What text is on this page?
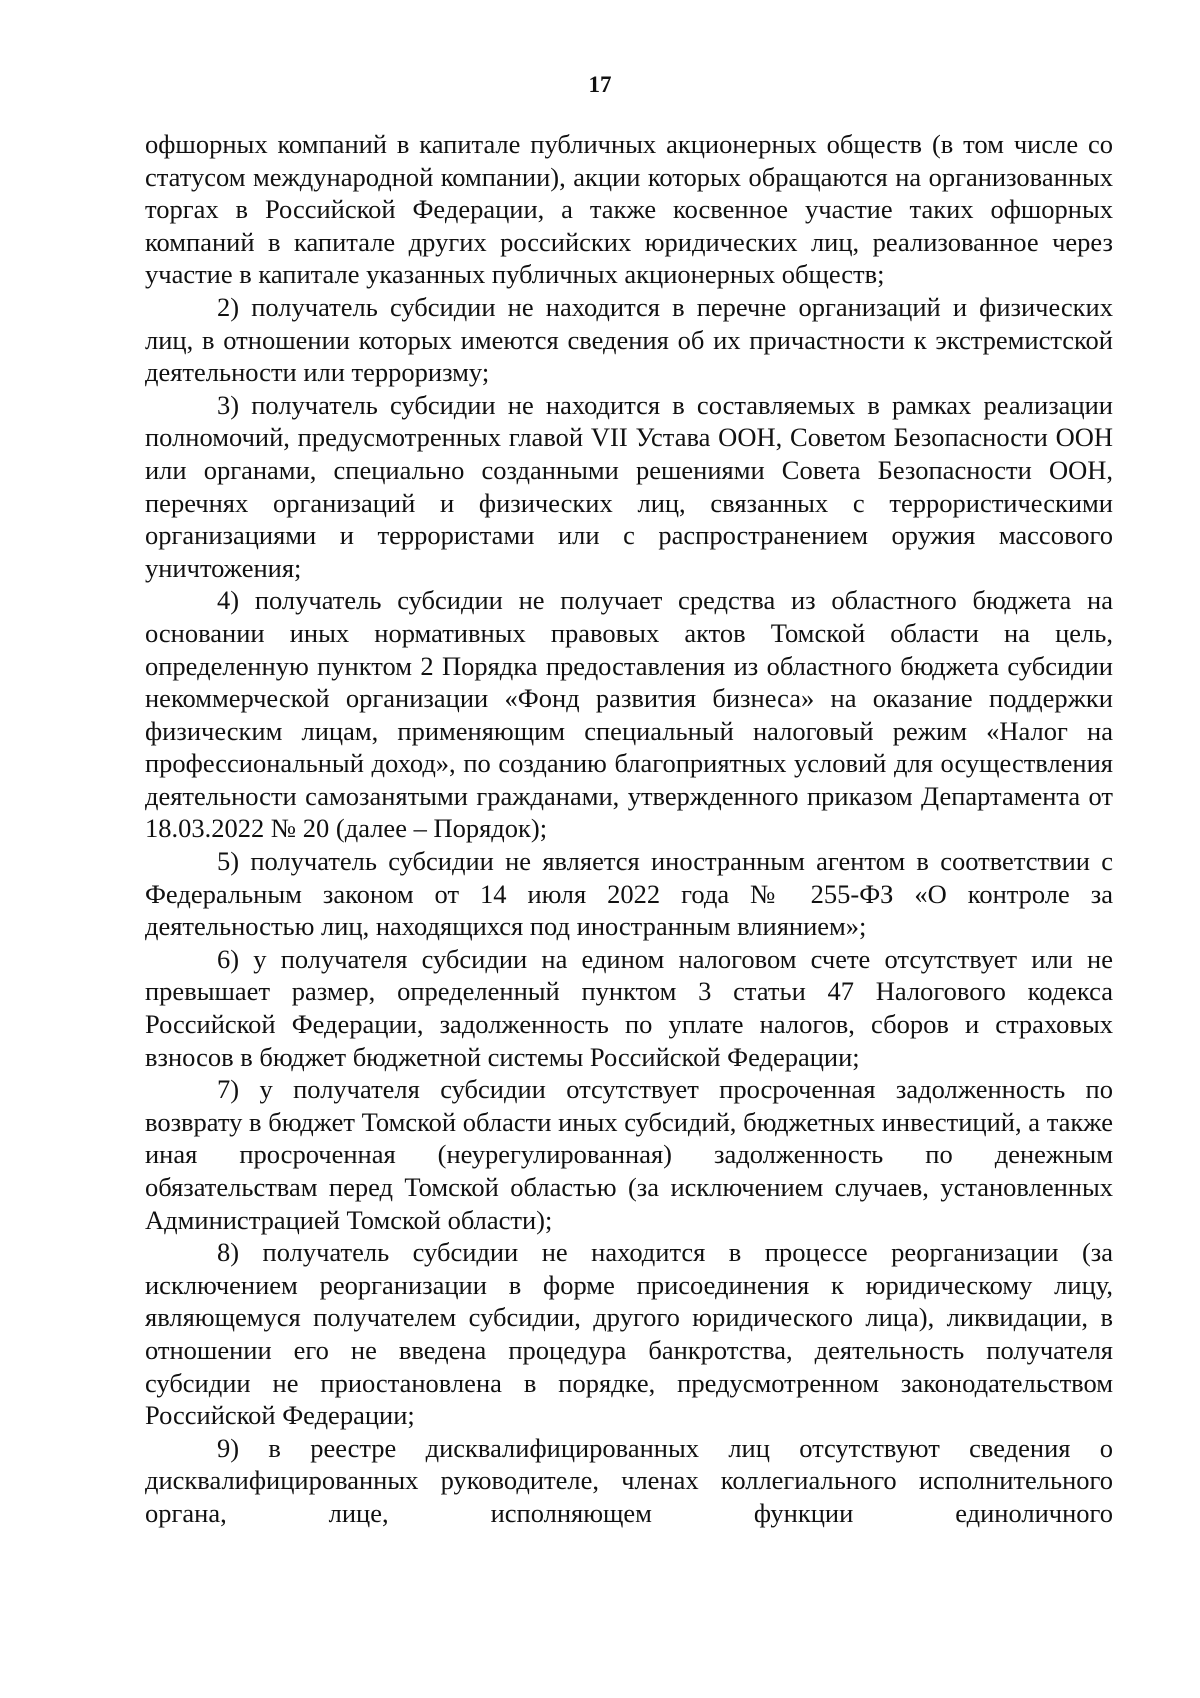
17

офшорных компаний в капитале публичных акционерных обществ (в том числе со статусом международной компании), акции которых обращаются на организованных торгах в Российской Федерации, а также косвенное участие таких офшорных компаний в капитале других российских юридических лиц, реализованное через участие в капитале указанных публичных акционерных обществ;

2) получатель субсидии не находится в перечне организаций и физических лиц, в отношении которых имеются сведения об их причастности к экстремистской деятельности или терроризму;

3) получатель субсидии не находится в составляемых в рамках реализации полномочий, предусмотренных главой VII Устава ООН, Советом Безопасности ООН или органами, специально созданными решениями Совета Безопасности ООН, перечнях организаций и физических лиц, связанных с террористическими организациями и террористами или с распространением оружия массового уничтожения;

4) получатель субсидии не получает средства из областного бюджета на основании иных нормативных правовых актов Томской области на цель, определенную пунктом 2 Порядка предоставления из областного бюджета субсидии некоммерческой организации «Фонд развития бизнеса» на оказание поддержки физическим лицам, применяющим специальный налоговый режим «Налог на профессиональный доход», по созданию благоприятных условий для осуществления деятельности самозанятыми гражданами, утвержденного приказом Департамента от 18.03.2022 № 20 (далее – Порядок);

5) получатель субсидии не является иностранным агентом в соответствии с Федеральным законом от 14 июля 2022 года № 255-ФЗ «О контроле за деятельностью лиц, находящихся под иностранным влиянием»;

6) у получателя субсидии на едином налоговом счете отсутствует или не превышает размер, определенный пунктом 3 статьи 47 Налогового кодекса Российской Федерации, задолженность по уплате налогов, сборов и страховых взносов в бюджет бюджетной системы Российской Федерации;

7) у получателя субсидии отсутствует просроченная задолженность по возврату в бюджет Томской области иных субсидий, бюджетных инвестиций, а также иная просроченная (неурегулированная) задолженность по денежным обязательствам перед Томской областью (за исключением случаев, установленных Администрацией Томской области);

8) получатель субсидии не находится в процессе реорганизации (за исключением реорганизации в форме присоединения к юридическому лицу, являющемуся получателем субсидии, другого юридического лица), ликвидации, в отношении его не введена процедура банкротства, деятельность получателя субсидии не приостановлена в порядке, предусмотренном законодательством Российской Федерации;

9) в реестре дисквалифицированных лиц отсутствуют сведения о дисквалифицированных руководителе, членах коллегиального исполнительного органа, лице, исполняющем функции единоличного
